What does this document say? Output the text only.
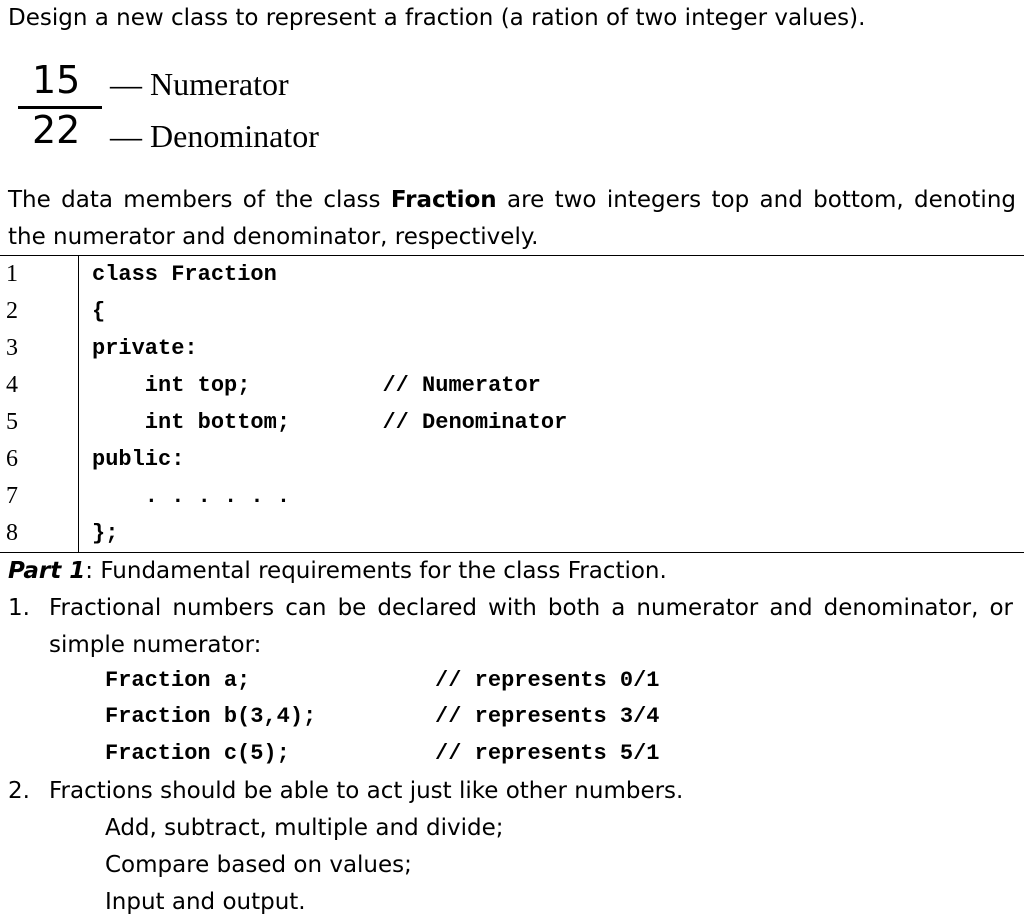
Design a new class to represent a fraction (a ration of two integer values).
15
22
— Numerator
— Denominator
The data members of the class Fraction are two integers top and bottom, denoting the numerator and denominator, respectively.
1
2
3
4
5
6
7
8
class Fraction
{
private:
int top;          // Numerator
int bottom;       // Denominator
public:
. . . . . .
};
Part 1: Fundamental requirements for the class Fraction.
1. Fractional numbers can be declared with both a numerator and denominator, or
simple numerator:
Fraction a;              // represents 0/1
Fraction b(3,4);         // represents 3/4
Fraction c(5);           // represents 5/1
2. Fractions should be able to act just like other numbers.
Add, subtract, multiple and divide;
Compare based on values;
Input and output.
